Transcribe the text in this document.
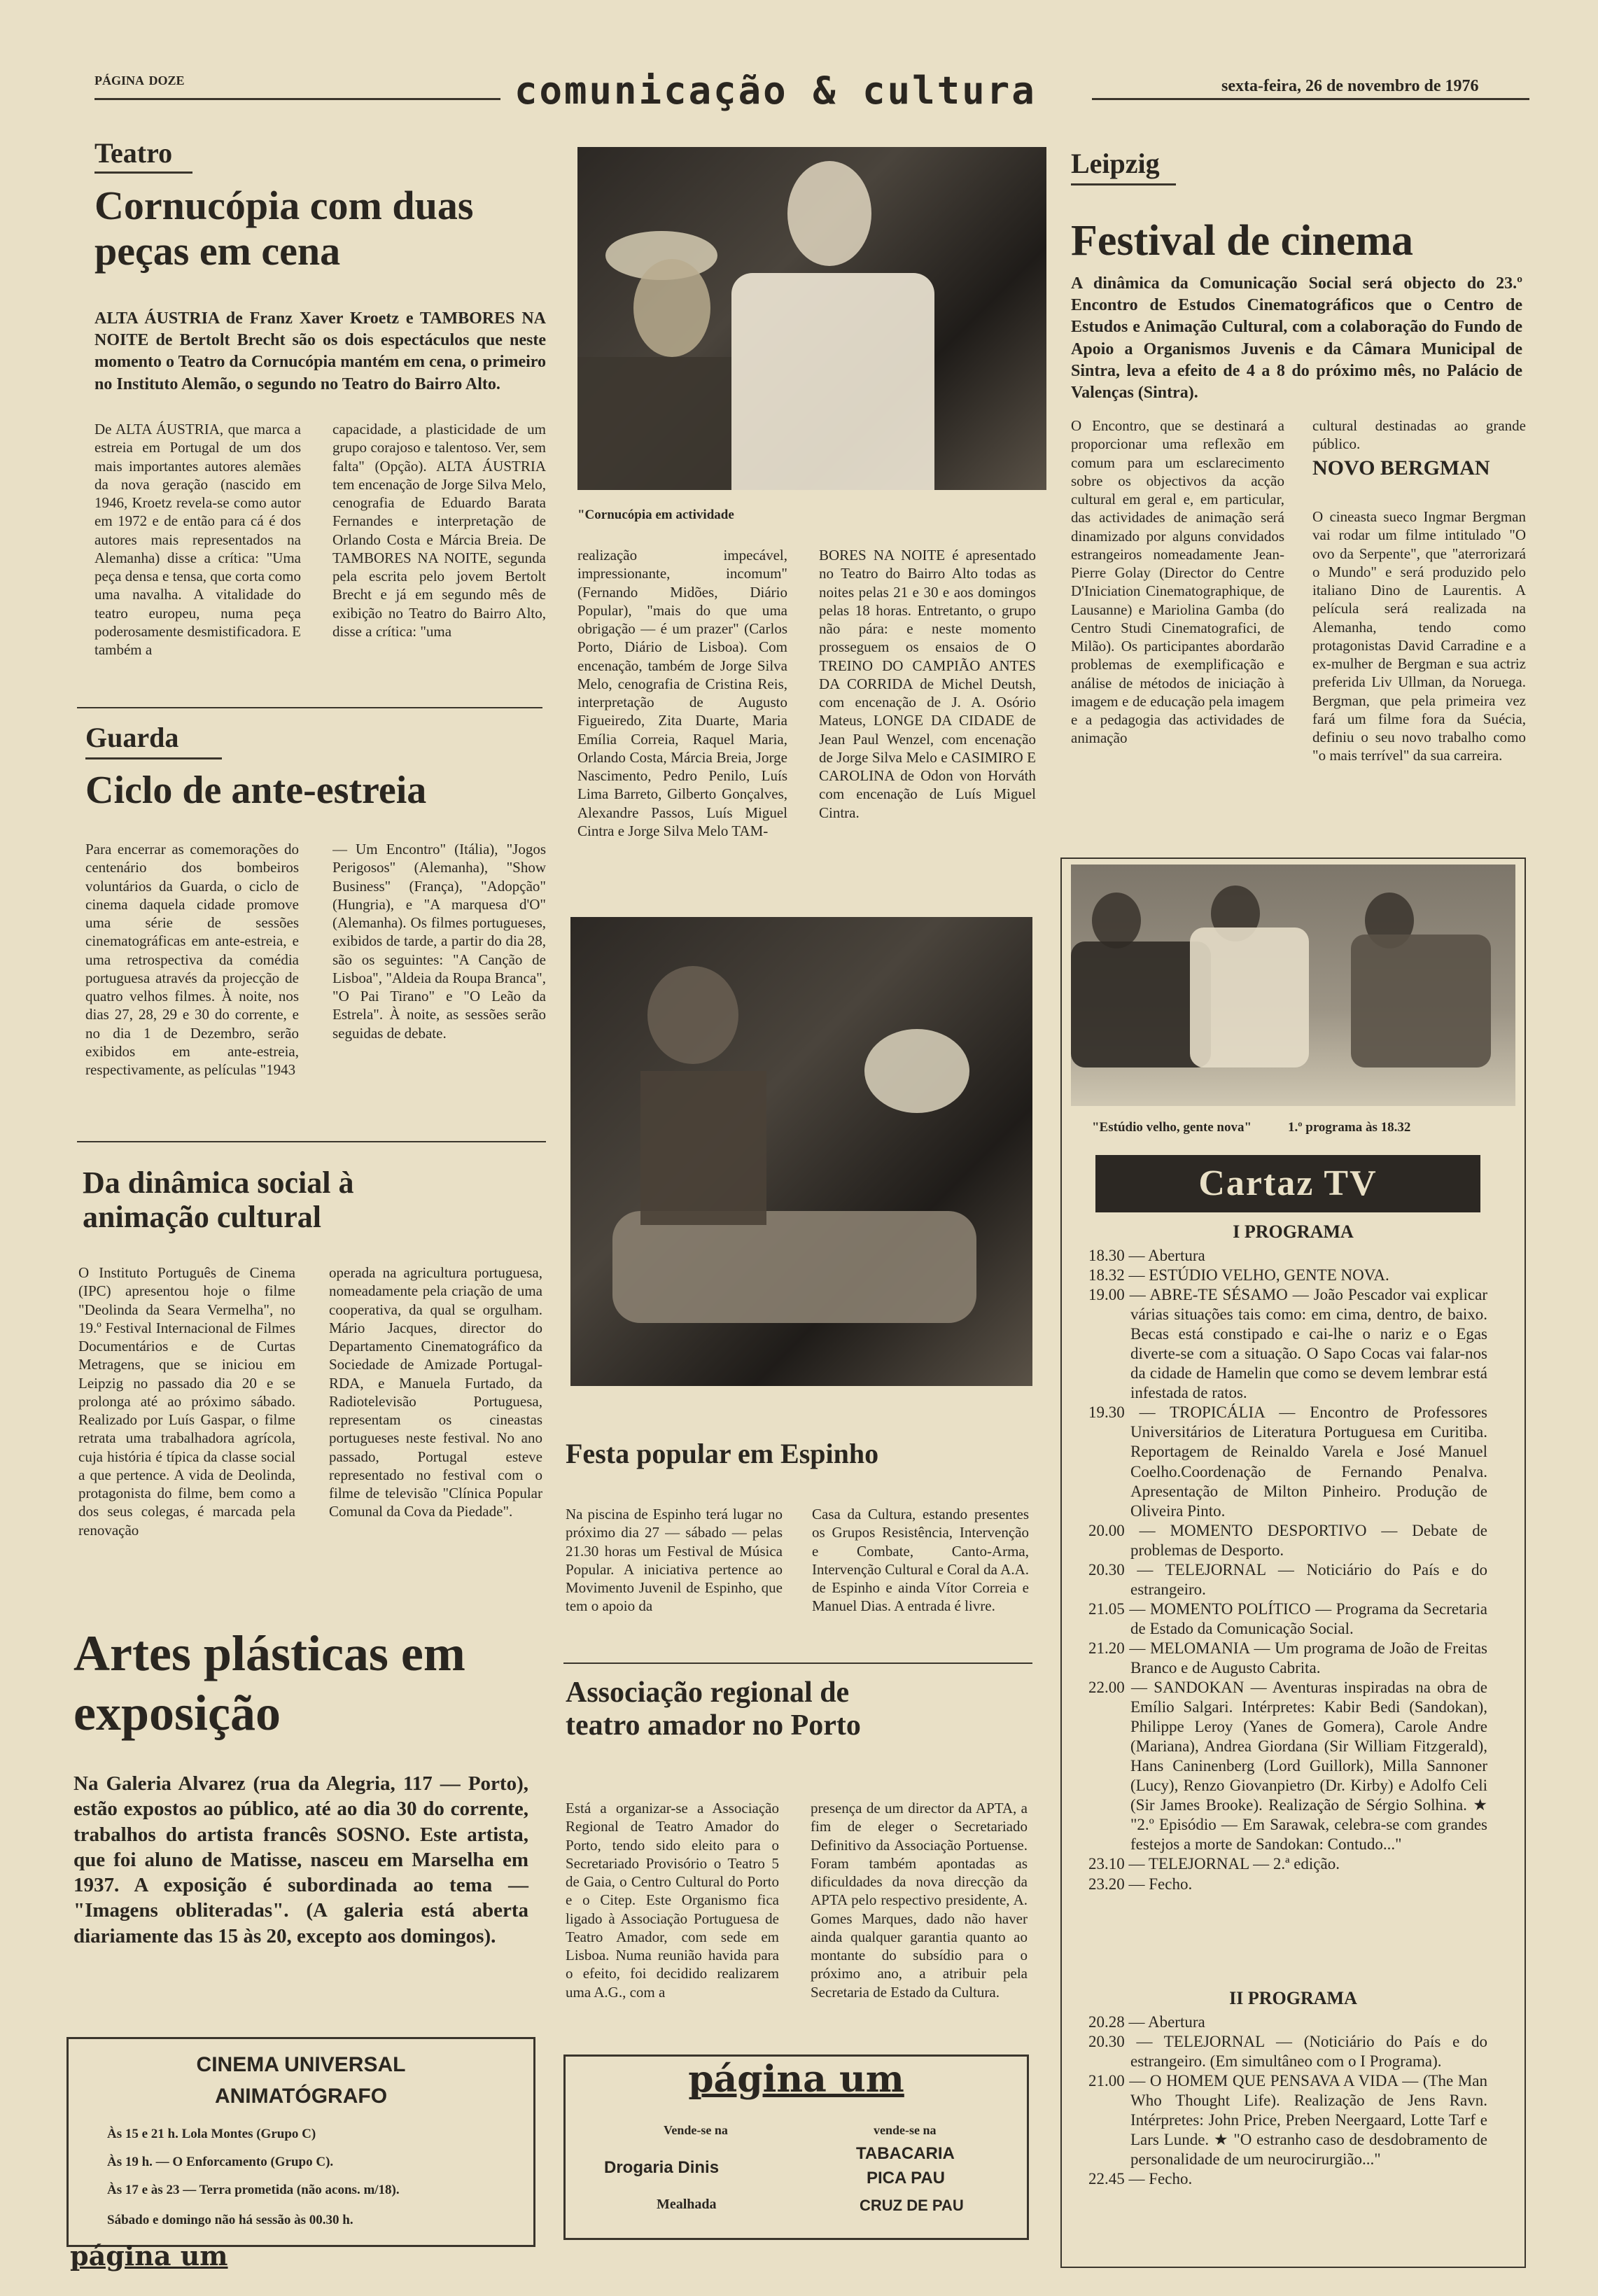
página doze	comunicação & cultura	sexta-feira, 26 de novembro de 1976
Teatro
Cornucópia com duas peças em cena
ALTA ÁUSTRIA de Franz Xaver Kroetz e TAMBORES NA NOITE de Bertolt Brecht são os dois espectáculos que neste momento o Teatro da Cornucópia mantém em cena, o primeiro no Instituto Alemão, o segundo no Teatro do Bairro Alto.
De ALTA ÁUSTRIA, que marca a estreia em Portugal de um dos mais importantes autores alemães da nova geração (nascido em 1946, Kroetz revela-se como autor em 1972 e de então para cá é dos autores mais representados na Alemanha) disse a crítica: "Uma peça densa e tensa, que corta como uma navalha. A vitalidade do teatro europeu, numa peça poderosamente desmistificadora. E também a
capacidade, a plasticidade de um grupo corajoso e talentoso. Ver, sem falta" (Opção). ALTA ÁUSTRIA tem encenação de Jorge Silva Melo, cenografia de Eduardo Barata Fernandes e interpretação de Orlando Costa e Márcia Breia. De TAMBORES NA NOITE, segunda pela escrita pelo jovem Bertolt Brecht e já em segundo mês de exibição no Teatro do Bairro Alto, disse a crítica: "uma
"Cornucópia em actividade
realização impecável, impressionante, incomum" (Fernando Midões, Diário Popular), "mais do que uma obrigação — é um prazer" (Carlos Porto, Diário de Lisboa). Com encenação, também de Jorge Silva Melo, cenografia de Cristina Reis, interpretação de Augusto Figueiredo, Zita Duarte, Maria Emília Correia, Raquel Maria, Orlando Costa, Márcia Breia, Jorge Nascimento, Pedro Penilo, Luís Lima Barreto, Gilberto Gonçalves, Alexandre Passos, Luís Miguel Cintra e Jorge Silva Melo TAM-
BORES NA NOITE é apresentado no Teatro do Bairro Alto todas as noites pelas 21 e 30 e aos domingos pelas 18 horas. Entretanto, o grupo não pára: e neste momento prosseguem os ensaios de O TREINO DO CAMPIÃO ANTES DA CORRIDA de Michel Deutsh, com encenação de J. A. Osório Mateus, LONGE DA CIDADE de Jean Paul Wenzel, com encenação de Jorge Silva Melo e CASIMIRO E CAROLINA de Odon von Horváth com encenação de Luís Miguel Cintra.
Leipzig
Festival de cinema
A dinâmica da Comunicação Social será objecto do 23.º Encontro de Estudos Cinematográficos que o Centro de Estudos e Animação Cultural, com a colaboração do Fundo de Apoio a Organismos Juvenis e da Câmara Municipal de Sintra, leva a efeito de 4 a 8 do próximo mês, no Palácio de Valenças (Sintra).
O Encontro, que se destinará a proporcionar uma reflexão em comum para um esclarecimento sobre os objectivos da acção cultural em geral e, em particular, das actividades de animação será dinamizado por alguns convidados estrangeiros nomeadamente Jean-Pierre Golay (Director do Centre D'Iniciation Cinematographique, de Lausanne) e Mariolina Gamba (do Centro Studi Cinematografici, de Milão). Os participantes abordarão problemas de exemplificação e análise de métodos de iniciação à imagem e de educação pela imagem e a pedagogia das actividades de animação
cultural destinadas ao grande público.
NOVO BERGMAN
O cineasta sueco Ingmar Bergman vai rodar um filme intitulado "O ovo da Serpente", que "aterrorizará o Mundo" e será produzido pelo italiano Dino de Laurentis. A película será realizada na Alemanha, tendo como protagonistas David Carradine e a ex-mulher de Bergman e sua actriz preferida Liv Ullman, da Noruega. Bergman, que pela primeira vez fará um filme fora da Suécia, definiu o seu novo trabalho como "o mais terrível" da sua carreira.
Guarda
Ciclo de ante-estreia
Para encerrar as comemorações do centenário dos bombeiros voluntários da Guarda, o ciclo de cinema daquela cidade promove uma série de sessões cinematográficas em ante-estreia, e uma retrospectiva da comédia portuguesa através da projecção de quatro velhos filmes. À noite, nos dias 27, 28, 29 e 30 do corrente, e no dia 1 de Dezembro, serão exibidos em ante-estreia, respectivamente, as películas "1943
— Um Encontro" (Itália), "Jogos Perigosos" (Alemanha), "Show Business" (França), "Adopção" (Hungria), e "A marquesa d'O" (Alemanha). Os filmes portugueses, exibidos de tarde, a partir do dia 28, são os seguintes: "A Canção de Lisboa", "Aldeia da Roupa Branca", "O Pai Tirano" e "O Leão da Estrela". À noite, as sessões serão seguidas de debate.
Da dinâmica social à animação cultural
O Instituto Português de Cinema (IPC) apresentou hoje o filme "Deolinda da Seara Vermelha", no 19.º Festival Internacional de Filmes Documentários e de Curtas Metragens, que se iniciou em Leipzig no passado dia 20 e se prolonga até ao próximo sábado. Realizado por Luís Gaspar, o filme retrata uma trabalhadora agrícola, cuja história é típica da classe social a que pertence. A vida de Deolinda, protagonista do filme, bem como a dos seus colegas, é marcada pela renovação
operada na agricultura portuguesa, nomeadamente pela criação de uma cooperativa, da qual se orgulham. Mário Jacques, director do Departamento Cinematográfico da Sociedade de Amizade Portugal-RDA, e Manuela Furtado, da Radiotelevisão Portuguesa, representam os cineastas portugueses neste festival. No ano passado, Portugal esteve representado no festival com o filme de televisão "Clínica Popular Comunal da Cova da Piedade".
Festa popular em Espinho
Na piscina de Espinho terá lugar no próximo dia 27 — sábado — pelas 21.30 horas um Festival de Música Popular. A iniciativa pertence ao Movimento Juvenil de Espinho, que tem o apoio da
Casa da Cultura, estando presentes os Grupos Resistência, Intervenção e Combate, Canto-Arma, Intervenção Cultural e Coral da A.A. de Espinho e ainda Vítor Correia e Manuel Dias. A entrada é livre.
Associação regional de teatro amador no Porto
Está a organizar-se a Associação Regional de Teatro Amador do Porto, tendo sido eleito para o Secretariado Provisório o Teatro 5 de Gaia, o Centro Cultural do Porto e o Citep. Este Organismo fica ligado à Associação Portuguesa de Teatro Amador, com sede em Lisboa. Numa reunião havida para o efeito, foi decidido realizarem uma A.G., com a
presença de um director da APTA, a fim de eleger o Secretariado Definitivo da Associação Portuense. Foram também apontadas as dificuldades da nova direcção da APTA pelo respectivo presidente, A. Gomes Marques, dado não haver ainda qualquer garantia quanto ao montante do subsídio para o próximo ano, a atribuir pela Secretaria de Estado da Cultura.
Artes plásticas em exposição
Na Galeria Alvarez (rua da Alegria, 117 — Porto), estão expostos ao público, até ao dia 30 do corrente, trabalhos do artista francês SOSNO. Este artista, que foi aluno de Matisse, nasceu em Marselha em 1937. A exposição é subordinada ao tema — "Imagens obliteradas". (A galeria está aberta diariamente das 15 às 20, excepto aos domingos).
CINEMA UNIVERSAL
ANIMATÓGRAFO
Às 15 e 21 h. Lola Montes (Grupo C)
Às 19 h. — O Enforcamento (Grupo C).
Às 17 e às 23 — Terra prometida (não acons. m/18).
Sábado e domingo não há sessão às 00.30 h.
página um
Vende-se na
Drogaria Dinis
Mealhada
vende-se na
TABACARIA
PICA PAU
CRUZ DE PAU
página um
"Estúdio velho, gente nova"	1.º programa às 18.32
Cartaz TV
I PROGRAMA

18.30 — Abertura

18.32 — ESTÚDIO VELHO, GENTE NOVA.

19.00 — ABRE-TE SÉSAMO — João Pescador vai explicar várias situações tais como: em cima, dentro, de baixo. Becas está constipado e cai-lhe o nariz e o Egas diverte-se com a situação. O Sapo Cocas vai falar-nos da cidade de Hamelin que como se devem lembrar está infestada de ratos.

19.30 — TROPICÁLIA — Encontro de Professores Universitários de Literatura Portuguesa em Curitiba. Reportagem de Reinaldo Varela e José Manuel Coelho.Coordenação de Fernando Penalva. Apresentação de Milton Pinheiro. Produção de Oliveira Pinto.

20.00 — MOMENTO DESPORTIVO — Debate de problemas de Desporto.

20.30 — TELEJORNAL — Noticiário do País e do estrangeiro.

21.05 — MOMENTO POLÍTICO — Programa da Secretaria de Estado da Comunicação Social.

21.20 — MELOMANIA — Um programa de João de Freitas Branco e de Augusto Cabrita.

22.00 — SANDOKAN — Aventuras inspiradas na obra de Emílio Salgari. Intérpretes: Kabir Bedi (Sandokan), Philippe Leroy (Yanes de Gomera), Carole Andre (Mariana), Andrea Giordana (Sir William Fitzgerald), Hans Caninenberg (Lord Guillork), Milla Sannoner (Lucy), Renzo Giovanpietro (Dr. Kirby) e Adolfo Celi (Sir James Brooke). Realização de Sérgio Solhina. ★ "2.º Episódio — Em Sarawak, celebra-se com grandes festejos a morte de Sandokan: Contudo..."

23.10 — TELEJORNAL — 2.ª edição.

23.20 — Fecho.

II PROGRAMA

20.28 — Abertura

20.30 — TELEJORNAL — (Noticiário do País e do estrangeiro. (Em simultâneo com o I Programa).

21.00 — O HOMEM QUE PENSAVA A VIDA — (The Man Who Thought Life). Realização de Jens Ravn. Intérpretes: John Price, Preben Neergaard, Lotte Tarf e Lars Lunde. ★ "O estranho caso de desdobramento de personalidade de um neurocirurgião..."

22.45 — Fecho.
